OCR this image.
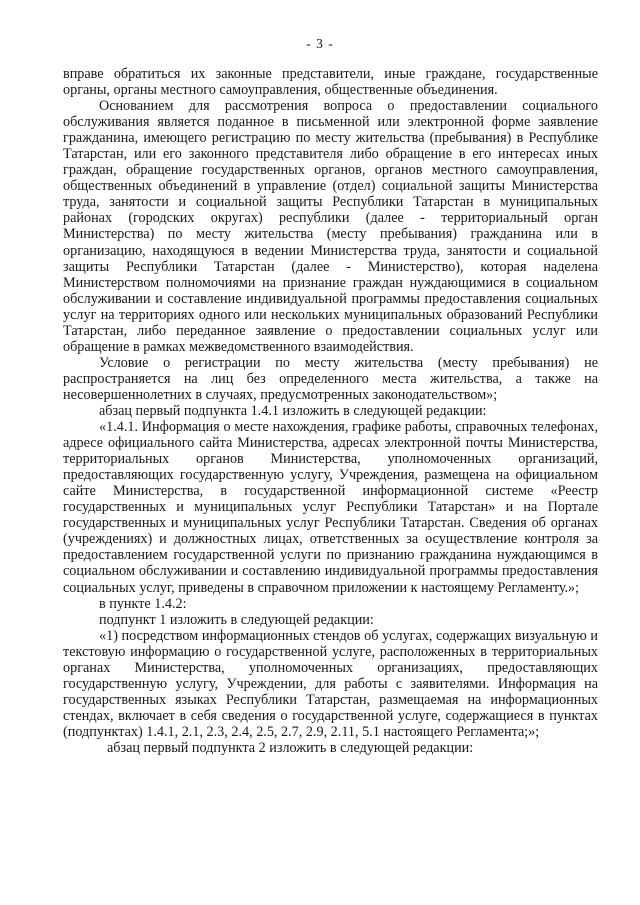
- 3 -

вправе обратиться их законные представители, иные граждане, государственные органы, органы местного самоуправления, общественные объединения.

Основанием для рассмотрения вопроса о предоставлении социального обслуживания является поданное в письменной или электронной форме заявление гражданина, имеющего регистрацию по месту жительства (пребывания) в Республике Татарстан, или его законного представителя либо обращение в его интересах иных граждан, обращение государственных органов, органов местного самоуправления, общественных объединений в управление (отдел) социальной защиты Министерства труда, занятости и социальной защиты Республики Татарстан в муниципальных районах (городских округах) республики (далее - территориальный орган Министерства) по месту жительства (месту пребывания) гражданина или в организацию, находящуюся в ведении Министерства труда, занятости и социальной защиты Республики Татарстан (далее - Министерство), которая наделена Министерством полномочиями на признание граждан нуждающимися в социальном обслуживании и составление индивидуальной программы предоставления социальных услуг на территориях одного или нескольких муниципальных образований Республики Татарстан, либо переданное заявление о предоставлении социальных услуг или обращение в рамках межведомственного взаимодействия.

Условие о регистрации по месту жительства (месту пребывания) не распространяется на лиц без определенного места жительства, а также на несовершеннолетних в случаях, предусмотренных законодательством»;

абзац первый подпункта 1.4.1 изложить в следующей редакции:

«1.4.1. Информация о месте нахождения, графике работы, справочных телефонах, адресе официального сайта Министерства, адресах электронной почты Министерства, территориальных органов Министерства, уполномоченных организаций, предоставляющих государственную услугу, Учреждения, размещена на официальном сайте Министерства, в государственной информационной системе «Реестр государственных и муниципальных услуг Республики Татарстан» и на Портале государственных и муниципальных услуг Республики Татарстан. Сведения об органах (учреждениях) и должностных лицах, ответственных за осуществление контроля за предоставлением государственной услуги по признанию гражданина нуждающимся в социальном обслуживании и составлению индивидуальной программы предоставления социальных услуг, приведены в справочном приложении к настоящему Регламенту.»;

в пункте 1.4.2:

подпункт 1 изложить в следующей редакции:

«1) посредством информационных стендов об услугах, содержащих визуальную и текстовую информацию о государственной услуге, расположенных в территориальных органах Министерства, уполномоченных организациях, предоставляющих государственную услугу, Учреждении, для работы с заявителями. Информация на государственных языках Республики Татарстан, размещаемая на информационных стендах, включает в себя сведения о государственной услуге, содержащиеся в пунктах (подпунктах) 1.4.1, 2.1, 2.3, 2.4, 2.5, 2.7, 2.9, 2.11, 5.1 настоящего Регламента;»;

абзац первый подпункта 2 изложить в следующей редакции:
